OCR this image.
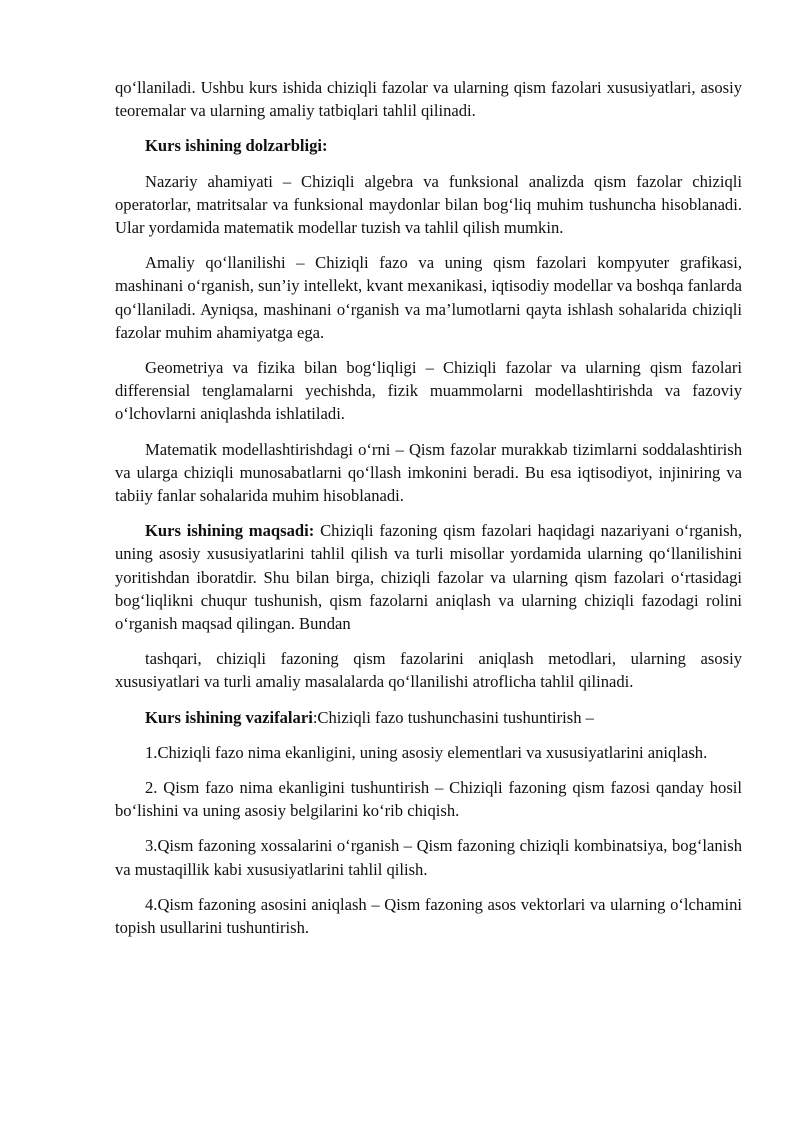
qo‘llaniladi. Ushbu kurs ishida chiziqli fazolar va ularning qism fazolari xususiyatlari, asosiy teoremalar va ularning amaliy tatbiqlari tahlil qilinadi.

Kurs ishining dolzarbligi:

Nazariy ahamiyati – Chiziqli algebra va funksional analizda qism fazolar chiziqli operatorlar, matritsalar va funksional maydonlar bilan bog‘liq muhim tushuncha hisoblanadi. Ular yordamida matematik modellar tuzish va tahlil qilish mumkin.

Amaliy qo‘llanilishi – Chiziqli fazo va uning qism fazolari kompyuter grafikasi, mashinani o‘rganish, sun’iy intellekt, kvant mexanikasi, iqtisodiy modellar va boshqa fanlarda qo‘llaniladi. Ayniqsa, mashinani o‘rganish va ma’lumotlarni qayta ishlash sohalarida chiziqli fazolar muhim ahamiyatga ega.

Geometriya va fizika bilan bog‘liqligi – Chiziqli fazolar va ularning qism fazolari differensial tenglamalarni yechishda, fizik muammolarni modellashtirishda va fazoviy o‘lchovlarni aniqlashda ishlatiladi.

Matematik modellashtirishdagi o‘rni – Qism fazolar murakkab tizimlarni soddalashtirish va ularga chiziqli munosabatlarni qo‘llash imkonini beradi. Bu esa iqtisodiyot, injiniring va tabiiy fanlar sohalarida muhim hisoblanadi.

Kurs ishining maqsadi: Chiziqli fazoning qism fazolari haqidagi nazariyani o‘rganish, uning asosiy xususiyatlarini tahlil qilish va turli misollar yordamida ularning qo‘llanilishini yoritishdan iboratdir. Shu bilan birga, chiziqli fazolar va ularning qism fazolari o‘rtasidagi bog‘liqlikni chuqur tushunish, qism fazolarni aniqlash va ularning chiziqli fazodagi rolini o‘rganish maqsad qilingan. Bundan

tashqari, chiziqli fazoning qism fazolarini aniqlash metodlari, ularning asosiy xususiyatlari va turli amaliy masalalarda qo‘llanilishi atroflicha tahlil qilinadi.

Kurs ishining vazifalari:Chiziqli fazo tushunchasini tushuntirish –

1.Chiziqli fazo nima ekanligini, uning asosiy elementlari va xususiyatlarini aniqlash.

2. Qism fazo nima ekanligini tushuntirish – Chiziqli fazoning qism fazosi qanday hosil bo‘lishini va uning asosiy belgilarini ko‘rib chiqish.

3.Qism fazoning xossalarini o‘rganish – Qism fazoning chiziqli kombinatsiya, bog‘lanish va mustaqillik kabi xususiyatlarini tahlil qilish.

4.Qism fazoning asosini aniqlash – Qism fazoning asos vektorlari va ularning o‘lchamini topish usullarini tushuntirish.
